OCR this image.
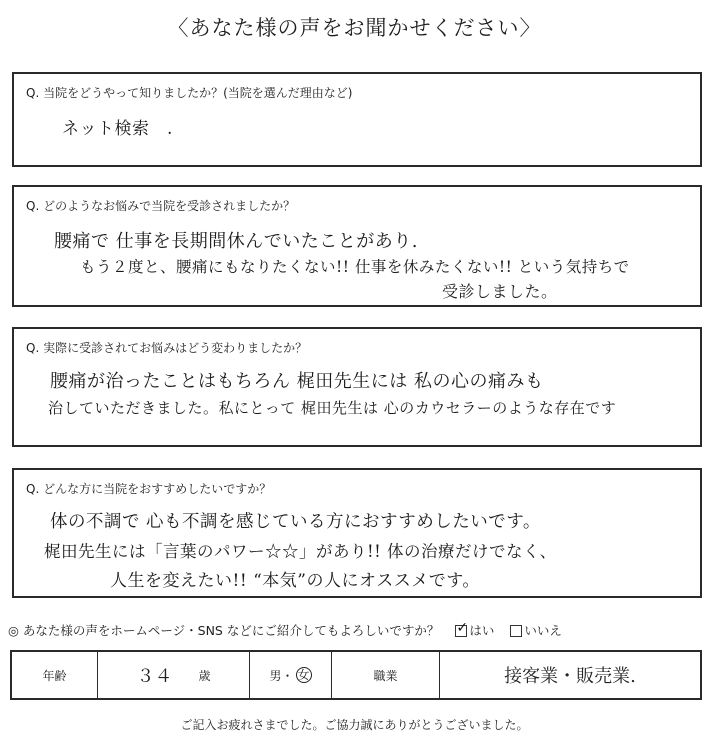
〈あなた様の声をお聞かせください〉
Q. 当院をどうやって知りましたか？(当院を選んだ理由など)
ネット検索　.
Q. どのようなお悩みで当院を受診されましたか？
腰痛で 仕事を長期間休んでいたことがあり.
もう２度と、腰痛にもなりたくない!! 仕事を休みたくない!! という気持ちで
受診しました。
Q. 実際に受診されてお悩みはどう変わりましたか？
腰痛が治ったことはもちろん 梶田先生には 私の心の痛みも
治していただきました。私にとって 梶田先生は 心のカウセラーのような存在です
Q. どんな方に当院をおすすめしたいですか？
体の不調で 心も不調を感じている方におすすめしたいです。
梶田先生には「言葉のパワー☆☆」があり!! 体の治療だけでなく、
人生を変えたい!! “本気”の人にオススメです。
◎ あなた様の声をホームページ・SNS などにご紹介してもよろしいですか？ ✓ はい いいえ
年齢	３４ 歳	男 ・ 女	職業	接客業・販売業.
ご記入お疲れさまでした。ご協力誠にありがとうございました。
